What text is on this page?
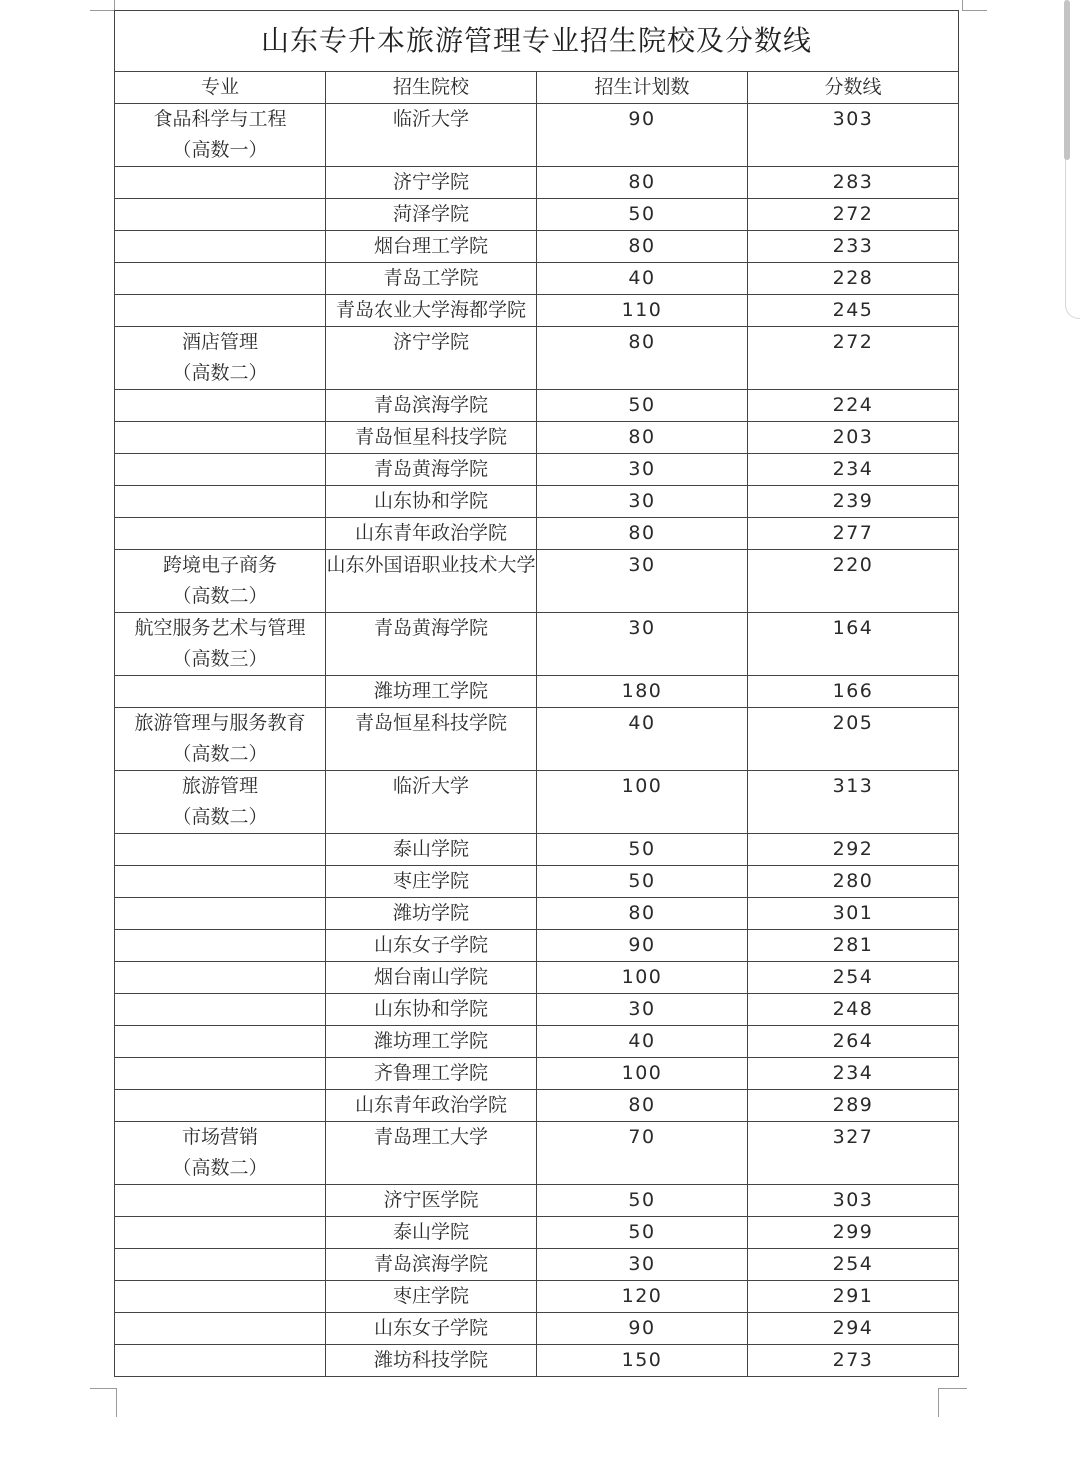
山东专升本旅游管理专业招生院校及分数线			
专业	招生院校	招生计划数	分数线

食品科学与工程
（高数一）	临沂大学	90	303
	济宁学院	80	283
	菏泽学院	50	272
	烟台理工学院	80	233
	青岛工学院	40	228
	青岛农业大学海都学院	110	245

酒店管理
（高数二）	济宁学院	80	272
	青岛滨海学院	50	224
	青岛恒星科技学院	80	203
	青岛黄海学院	30	234
	山东协和学院	30	239
	山东青年政治学院	80	277

跨境电子商务
（高数二）	山东外国语职业技术大学	30	220

航空服务艺术与管理
（高数三）	青岛黄海学院	30	164
	潍坊理工学院	180	166

旅游管理与服务教育
（高数二）	青岛恒星科技学院	40	205

旅游管理
（高数二）	临沂大学	100	313
	泰山学院	50	292
	枣庄学院	50	280
	潍坊学院	80	301
	山东女子学院	90	281
	烟台南山学院	100	254
	山东协和学院	30	248
	潍坊理工学院	40	264
	齐鲁理工学院	100	234
	山东青年政治学院	80	289

市场营销
（高数二）	青岛理工大学	70	327
	济宁医学院	50	303
	泰山学院	50	299
	青岛滨海学院	30	254
	枣庄学院	120	291
	山东女子学院	90	294
	潍坊科技学院	150	273
